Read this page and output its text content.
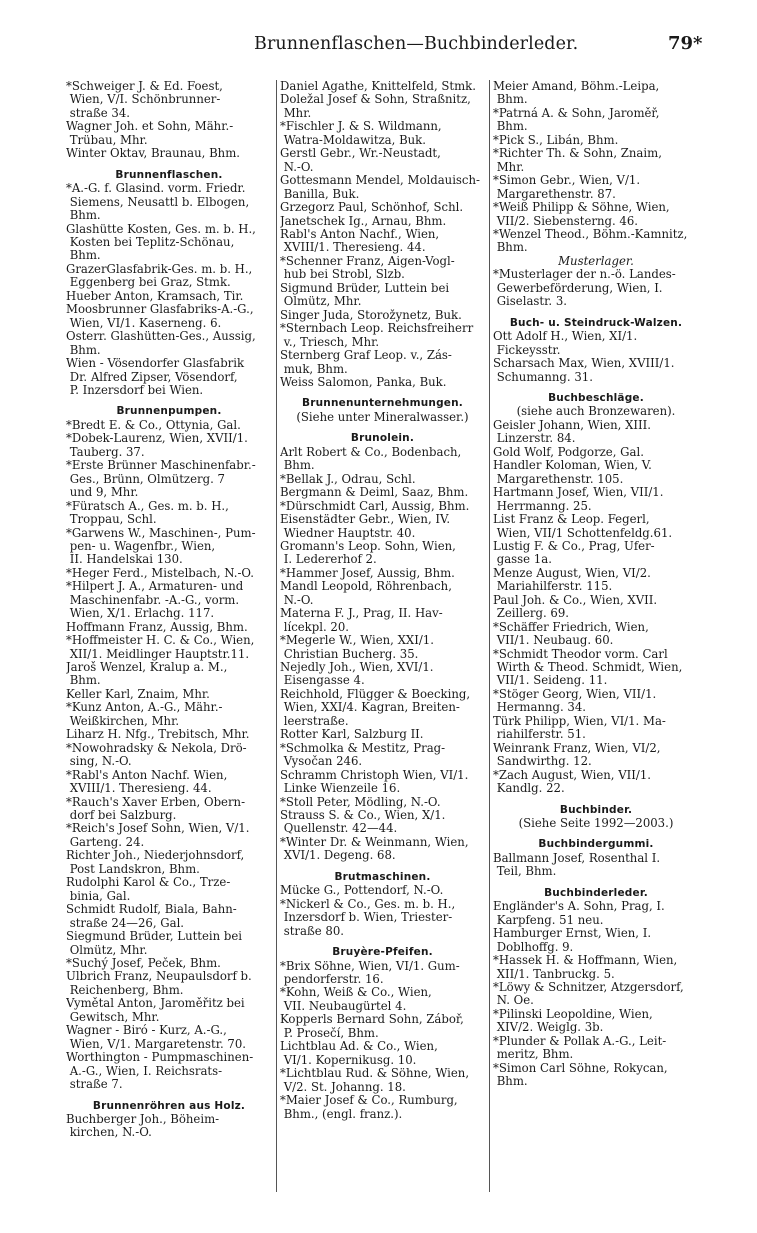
Brunnenflaschen—Buchbinderleder.	79*
*Schweiger J. & Ed. Foest,
Wien, V/I. Schönbrunner-
straße 34.
Wagner Joh. et Sohn, Mähr.-
Trübau, Mhr.
Winter Oktav, Braunau, Bhm.
Brunnenflaschen.
*A.-G. f. Glasind. vorm. Friedr.
Siemens, Neusattl b. Elbogen,
Bhm.
Glashütte Kosten, Ges. m. b. H.,
Kosten bei Teplitz-Schönau,
Bhm.
GrazerGlasfabrik-Ges. m. b. H.,
Eggenberg bei Graz, Stmk.
Hueber Anton, Kramsach, Tir.
Moosbrunner Glasfabriks-A.-G.,
Wien, VI/1. Kaserneng. 6.
Österr. Glashütten-Ges., Aussig,
Bhm.
Wien - Vösendorfer Glasfabrik
Dr. Alfred Zipser, Vösendorf,
P. Inzersdorf bei Wien.
Brunnenpumpen.
*Bredt E. & Co., Ottynia, Gal.
*Dobek-Laurenz, Wien, XVII/1.
Tauberg. 37.
*Erste Brünner Maschinenfabr.-
Ges., Brünn, Olmützerg. 7
und 9, Mhr.
*Füratsch A., Ges. m. b. H.,
Troppau, Schl.
*Garwens W., Maschinen-, Pum-
pen- u. Wagenfbr., Wien,
II. Handelskai 130.
*Heger Ferd., Mistelbach, N.-Ö.
*Hilpert J. A., Armaturen- und
Maschinenfabr. -A.-G., vorm.
Wien, X/1. Erlachg. 117.
Hoffmann Franz, Aussig, Bhm.
*Hoffmeister H. C. & Co., Wien,
XII/1. Meidlinger Hauptstr.11.
Jaroš Wenzel, Kralup a. M.,
Bhm.
Keller Karl, Znaim, Mhr.
*Kunz Anton, A.-G., Mähr.-
Weißkirchen, Mhr.
Liharz H. Nfg., Trebitsch, Mhr.
*Nowohradsky & Nekola, Drö-
sing, N.-Ö.
*Rabl's Anton Nachf. Wien,
XVIII/1. Theresieng. 44.
*Rauch's Xaver Erben, Obern-
dorf bei Salzburg.
*Reich's Josef Sohn, Wien, V/1.
Garteng. 24.
Richter Joh., Niederjohnsdorf,
Post Landskron, Bhm.
Rudolphi Karol & Co., Trze-
binia, Gal.
Schmidt Rudolf, Biala, Bahn-
straße 24—26, Gal.
Siegmund Brüder, Luttein bei
Olmütz, Mhr.
*Suchý Josef, Peček, Bhm.
Ulbrich Franz, Neupaulsdorf b.
Reichenberg, Bhm.
Vymětal Anton, Jaroměřitz bei
Gewitsch, Mhr.
Wagner - Biró - Kurz, A.-G.,
Wien, V/1. Margaretenstr. 70.
Worthington - Pumpmaschinen-
A.-G., Wien, I. Reichsrats-
straße 7.
Brunnenröhren aus Holz.
Buchberger Joh., Böheim-
kirchen, N.-Ö.
Daniel Agathe, Knittelfeld, Stmk.
Doležal Josef & Sohn, Straßnitz,
Mhr.
*Fischler J. & S. Wildmann,
Watra-Moldawitza, Buk.
Gerstl Gebr., Wr.-Neustadt,
N.-Ö.
Gottesmann Mendel, Moldauisch-
Banilla, Buk.
Grzegorz Paul, Schönhof, Schl.
Janetschek Ig., Arnau, Bhm.
Rabl's Anton Nachf., Wien,
XVIII/1. Theresieng. 44.
*Schenner Franz, Aigen-Vogl-
hub bei Strobl, Slzb.
Sigmund Brüder, Luttein bei
Olmütz, Mhr.
Singer Juda, Storožynetz, Buk.
*Sternbach Leop. Reichsfreiherr
v., Triesch, Mhr.
Sternberg Graf Leop. v., Zás-
muk, Bhm.
Weiss Salomon, Panka, Buk.
Brunnenunternehmungen.
(Siehe unter Mineralwasser.)
Brunolein.
Arlt Robert & Co., Bodenbach,
Bhm.
*Bellak J., Odrau, Schl.
Bergmann & Deiml, Saaz, Bhm.
*Dürschmidt Carl, Aussig, Bhm.
Eisenstädter Gebr., Wien, IV.
Wiedner Hauptstr. 40.
Gromann's Leop. Sohn, Wien,
I. Ledererhof 2.
*Hammer Josef, Aussig, Bhm.
Mandl Leopold, Röhrenbach,
N.-Ö.
Materna F. J., Prag, II. Hav-
lícekpl. 20.
*Megerle W., Wien, XXI/1.
Christian Bucherg. 35.
Nejedly Joh., Wien, XVI/1.
Eisengasse 4.
Reichhold, Flügger & Boecking,
Wien, XXI/4. Kagran, Breiten-
leerstraße.
Rotter Karl, Salzburg II.
*Schmolka & Mestitz, Prag-
Vysočan 246.
Schramm Christoph Wien, VI/1.
Linke Wienzeile 16.
*Stoll Peter, Mödling, N.-Ö.
Strauss S. & Co., Wien, X/1.
Quellenstr. 42—44.
*Winter Dr. & Weinmann, Wien,
XVI/1. Degeng. 68.
Brutmaschinen.
Mücke G., Pottendorf, N.-Ö.
*Nickerl & Co., Ges. m. b. H.,
Inzersdorf b. Wien, Triester-
straße 80.
Bruyère-Pfeifen.
*Brix Söhne, Wien, VI/1. Gum-
pendorferstr. 16.
*Kohn, Weiß & Co., Wien,
VII. Neubaugürtel 4.
Kopperls Bernard Sohn, Záboř,
P. Prosečí, Bhm.
Lichtblau Ad. & Co., Wien,
VI/1. Kopernikusg. 10.
*Lichtblau Rud. & Söhne, Wien,
V/2. St. Johanng. 18.
*Maier Josef & Co., Rumburg,
Bhm., (engl. franz.).
Meier Amand, Böhm.-Leipa,
Bhm.
*Patrná A. & Sohn, Jaroměř,
Bhm.
*Pick S., Libán, Bhm.
*Richter Th. & Sohn, Znaim,
Mhr.
*Simon Gebr., Wien, V/1.
Margarethenstr. 87.
*Weiß Philipp & Söhne, Wien,
VII/2. Siebensterng. 46.
*Wenzel Theod., Böhm.-Kamnitz,
Bhm.
Musterlager.
*Musterlager der n.-ö. Landes-
Gewerbeförderung, Wien, I.
Giselastr. 3.
Buch- u. Steindruck-Walzen.
Ott Adolf H., Wien, XI/1.
Fickeysstr.
Scharsach Max, Wien, XVIII/1.
Schumanng. 31.
Buchbeschläge.
(siehe auch Bronzewaren).
Geisler Johann, Wien, XIII.
Linzerstr. 84.
Gold Wolf, Podgorze, Gal.
Handler Koloman, Wien, V.
Margarethenstr. 105.
Hartmann Josef, Wien, VII/1.
Herrmanng. 25.
List Franz & Leop. Fegerl,
Wien, VII/1 Schottenfeldg.61.
Lustig F. & Co., Prag, Ufer-
gasse 1a.
Menze August, Wien, VI/2.
Mariahilferstr. 115.
Paul Joh. & Co., Wien, XVII.
Zeillerg. 69.
*Schäffer Friedrich, Wien,
VII/1. Neubaug. 60.
*Schmidt Theodor vorm. Carl
Wirth & Theod. Schmidt, Wien,
VII/1. Seideng. 11.
*Stöger Georg, Wien, VII/1.
Hermanng. 34.
Türk Philipp, Wien, VI/1. Ma-
riahilferstr. 51.
Weinrank Franz, Wien, VI/2,
Sandwirthg. 12.
*Zach August, Wien, VII/1.
Kandlg. 22.
Buchbinder.
(Siehe Seite 1992—2003.)
Buchbindergummi.
Ballmann Josef, Rosenthal I.
Teil, Bhm.
Buchbinderleder.
Engländer's A. Sohn, Prag, I.
Karpfeng. 51 neu.
Hamburger Ernst, Wien, I.
Doblhoffg. 9.
*Hassek H. & Hoffmann, Wien,
XII/1. Tanbruckg. 5.
*Löwy & Schnitzer, Atzgersdorf,
N. Oe.
*Pilinski Leopoldine, Wien,
XIV/2. Weiglg. 3b.
*Plunder & Pollak A.-G., Leit-
meritz, Bhm.
*Simon Carl Söhne, Rokycan,
Bhm.
